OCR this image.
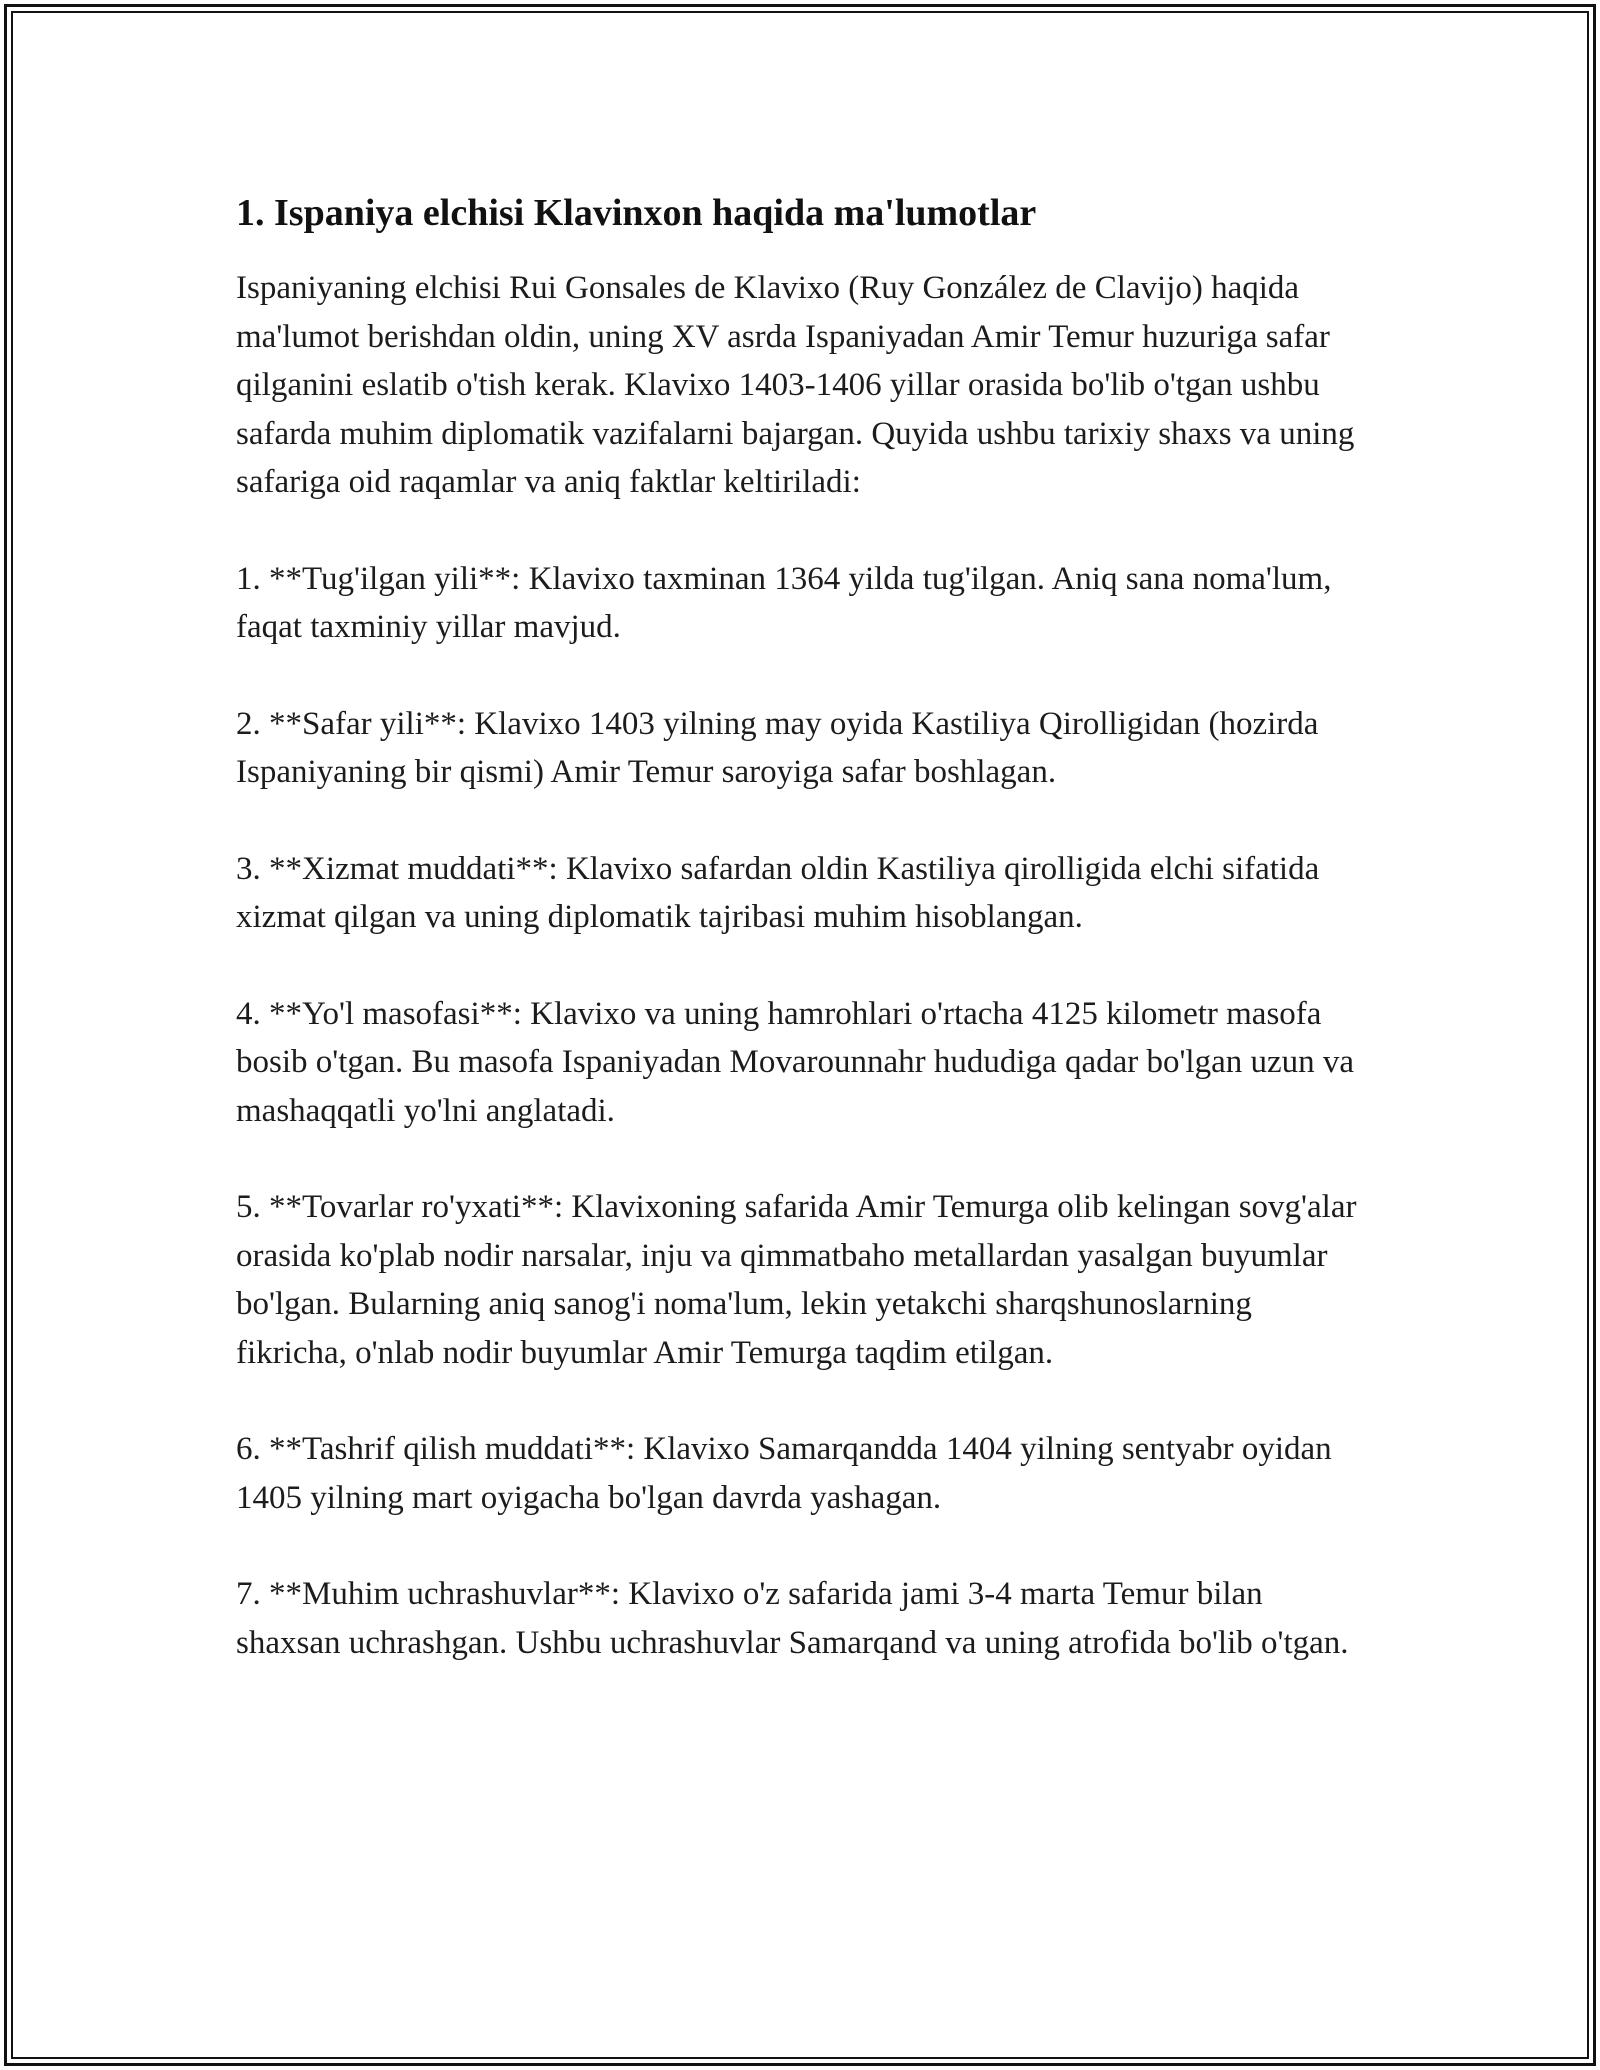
1. Ispaniya elchisi Klavinxon haqida ma'lumotlar

Ispaniyaning elchisi Rui Gonsales de Klavixo (Ruy González de Clavijo) haqida ma'lumot berishdan oldin, uning XV asrda Ispaniyadan Amir Temur huzuriga safar qilganini eslatib o'tish kerak. Klavixo 1403-1406 yillar orasida bo'lib o'tgan ushbu safarda muhim diplomatik vazifalarni bajargan. Quyida ushbu tarixiy shaxs va uning safariga oid raqamlar va aniq faktlar keltiriladi:

1. **Tug'ilgan yili**: Klavixo taxminan 1364 yilda tug'ilgan. Aniq sana noma'lum, faqat taxminiy yillar mavjud.

2. **Safar yili**: Klavixo 1403 yilning may oyida Kastiliya Qirolligidan (hozirda Ispaniyaning bir qismi) Amir Temur saroyiga safar boshlagan.

3. **Xizmat muddati**: Klavixo safardan oldin Kastiliya qirolligida elchi sifatida xizmat qilgan va uning diplomatik tajribasi muhim hisoblangan.

4. **Yo'l masofasi**: Klavixo va uning hamrohlari o'rtacha 4125 kilometr masofa bosib o'tgan. Bu masofa Ispaniyadan Movarounnahr hududiga qadar bo'lgan uzun va mashaqqatli yo'lni anglatadi.

5. **Tovarlar ro'yxati**: Klavixoning safarida Amir Temurga olib kelingan sovg'alar orasida ko'plab nodir narsalar, inju va qimmatbaho metallardan yasalgan buyumlar bo'lgan. Bularning aniq sanog'i noma'lum, lekin yetakchi sharqshunoslarning fikricha, o'nlab nodir buyumlar Amir Temurga taqdim etilgan.

6. **Tashrif qilish muddati**: Klavixo Samarqandda 1404 yilning sentyabr oyidan 1405 yilning mart oyigacha bo'lgan davrda yashagan.

7. **Muhim uchrashuvlar**: Klavixo o'z safarida jami 3-4 marta Temur bilan shaxsan uchrashgan. Ushbu uchrashuvlar Samarqand va uning atrofida bo'lib o'tgan.
